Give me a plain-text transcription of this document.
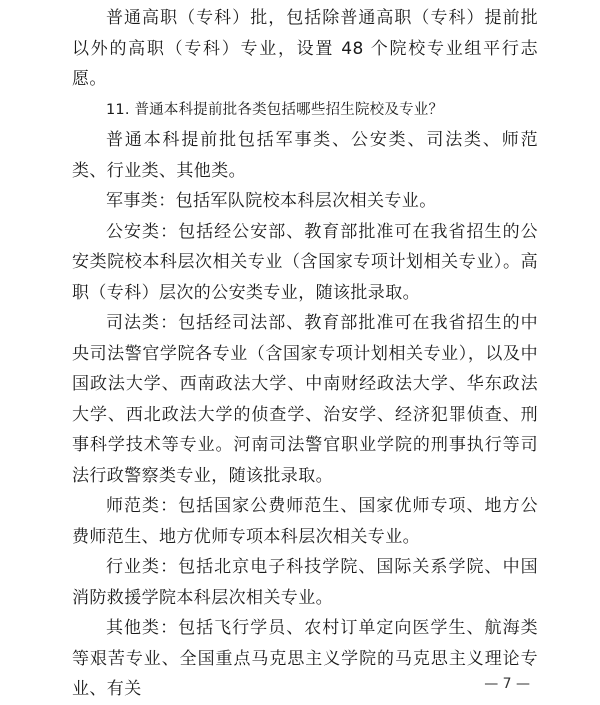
普通高职（专科）批，包括除普通高职（专科）提前批以外的高职（专科）专业，设置 48 个院校专业组平行志愿。

11. 普通本科提前批各类包括哪些招生院校及专业？

普通本科提前批包括军事类、公安类、司法类、师范类、行业类、其他类。

军事类：包括军队院校本科层次相关专业。

公安类：包括经公安部、教育部批准可在我省招生的公安类院校本科层次相关专业（含国家专项计划相关专业）。高职（专科）层次的公安类专业，随该批录取。

司法类：包括经司法部、教育部批准可在我省招生的中央司法警官学院各专业（含国家专项计划相关专业），以及中国政法大学、西南政法大学、中南财经政法大学、华东政法大学、西北政法大学的侦查学、治安学、经济犯罪侦查、刑事科学技术等专业。河南司法警官职业学院的刑事执行等司法行政警察类专业，随该批录取。

师范类：包括国家公费师范生、国家优师专项、地方公费师范生、地方优师专项本科层次相关专业。

行业类：包括北京电子科技学院、国际关系学院、中国消防救援学院本科层次相关专业。

其他类：包括飞行学员、农村订单定向医学生、航海类等艰苦专业、全国重点马克思主义学院的马克思主义理论专业、有关	— 7 —
